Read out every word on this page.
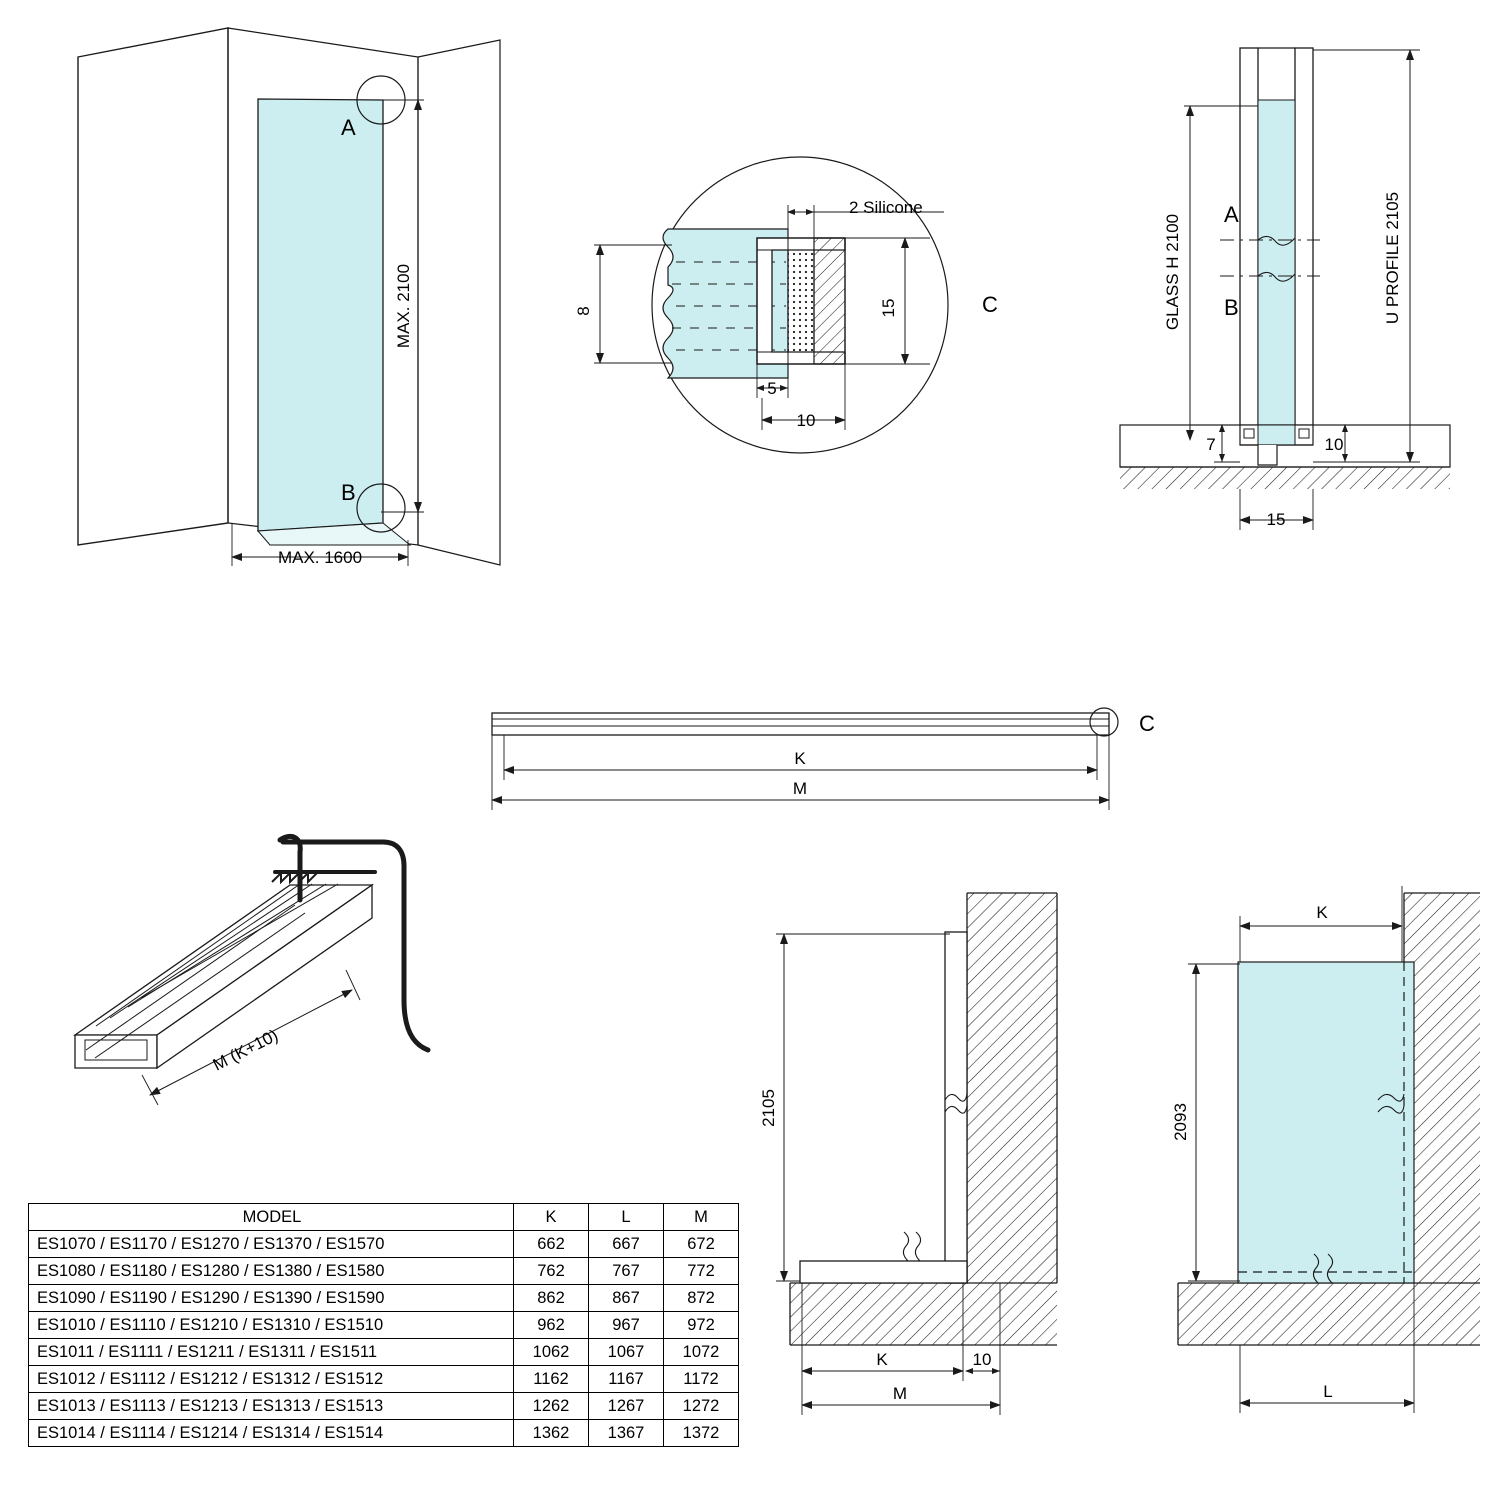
A
B
MAX. 2100
MAX. 1600
2 Silicone
8	15
5
10
C	GLASS H 2100	U PROFILE 2105
A
B
7	10
15
C
K
M
M (K+10)
2105
K	10
M
K
2093
L
MODEL	K	L	M
ES1070 / ES1170 / ES1270 / ES1370 / ES1570	662	667	672
ES1080 / ES1180 / ES1280 / ES1380 / ES1580	762	767	772
ES1090 / ES1190 / ES1290 / ES1390 / ES1590	862	867	872
ES1010 / ES1110 / ES1210 / ES1310 / ES1510	962	967	972
ES1011 / ES1111 / ES1211 / ES1311 / ES1511	1062	1067	1072
ES1012 / ES1112 / ES1212 / ES1312 / ES1512	1162	1167	1172
ES1013 / ES1113 / ES1213 / ES1313 / ES1513	1262	1267	1272
ES1014 / ES1114 / ES1214 / ES1314 / ES1514	1362	1367	1372
